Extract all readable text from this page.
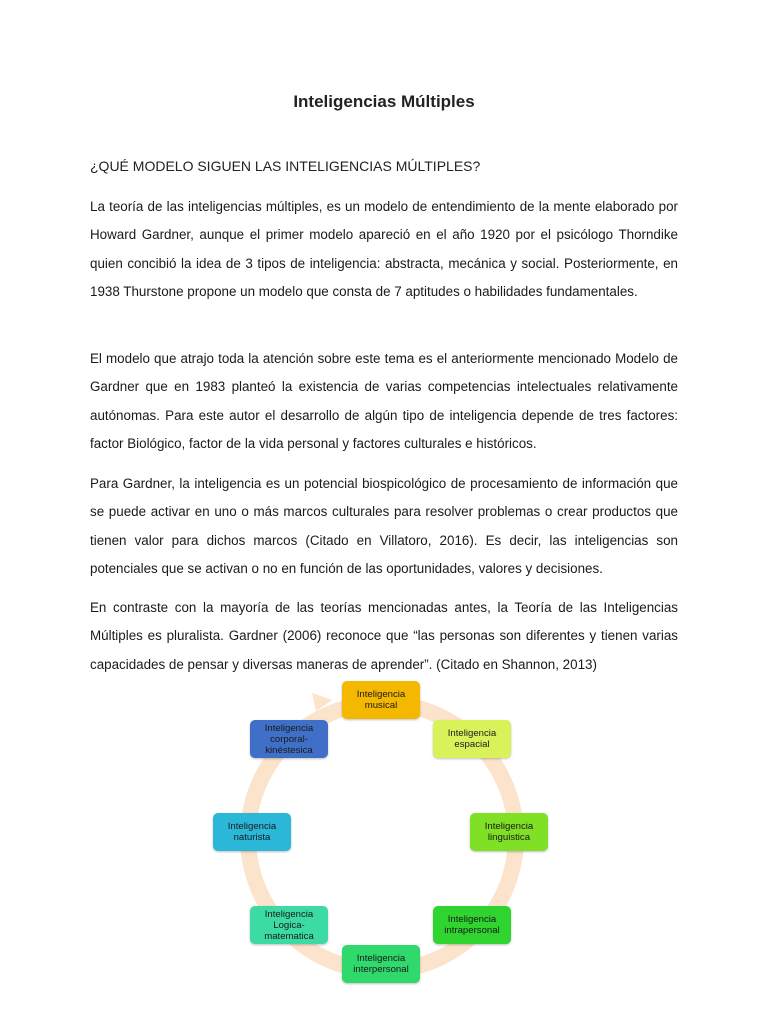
Inteligencias Múltiples
¿QUÉ MODELO SIGUEN LAS INTELIGENCIAS MÚLTIPLES?

La teoría de las inteligencias múltiples, es un modelo de entendimiento de la mente elaborado por Howard Gardner, aunque el primer modelo apareció en el año 1920 por el psicólogo Thorndike quien concibió la idea de 3 tipos de inteligencia: abstracta, mecánica y social. Posteriormente, en 1938 Thurstone propone un modelo que consta de 7 aptitudes o habilidades fundamentales.

El modelo que atrajo toda la atención sobre este tema es el anteriormente mencionado Modelo de Gardner que en 1983 planteó la existencia de varias competencias intelectuales relativamente autónomas. Para este autor el desarrollo de algún tipo de inteligencia depende de tres factores: factor Biológico, factor de la vida personal y factores culturales e históricos.

Para Gardner, la inteligencia es un potencial biospicológico de procesamiento de información que se puede activar en uno o más marcos culturales para resolver problemas o crear productos que tienen valor para dichos marcos (Citado en Villatoro, 2016). Es decir, las inteligencias son potenciales que se activan o no en función de las oportunidades, valores y decisiones.

En contraste con la mayoría de las teorías mencionadas antes, la Teoría de las Inteligencias Múltiples es pluralista. Gardner (2006) reconoce que “las personas son diferentes y tienen varias capacidades de pensar y diversas maneras de aprender”. (Citado en Shannon, 2013)

Inteligencia
musical
Inteligencia
espacial
Inteligencia
linguistica
Inteligencia
intrapersonal
Inteligencia
interpersonal
Inteligencia
Logica-
matematica
Inteligencia
naturista
Inteligencia
corporal-
kinéstesica
